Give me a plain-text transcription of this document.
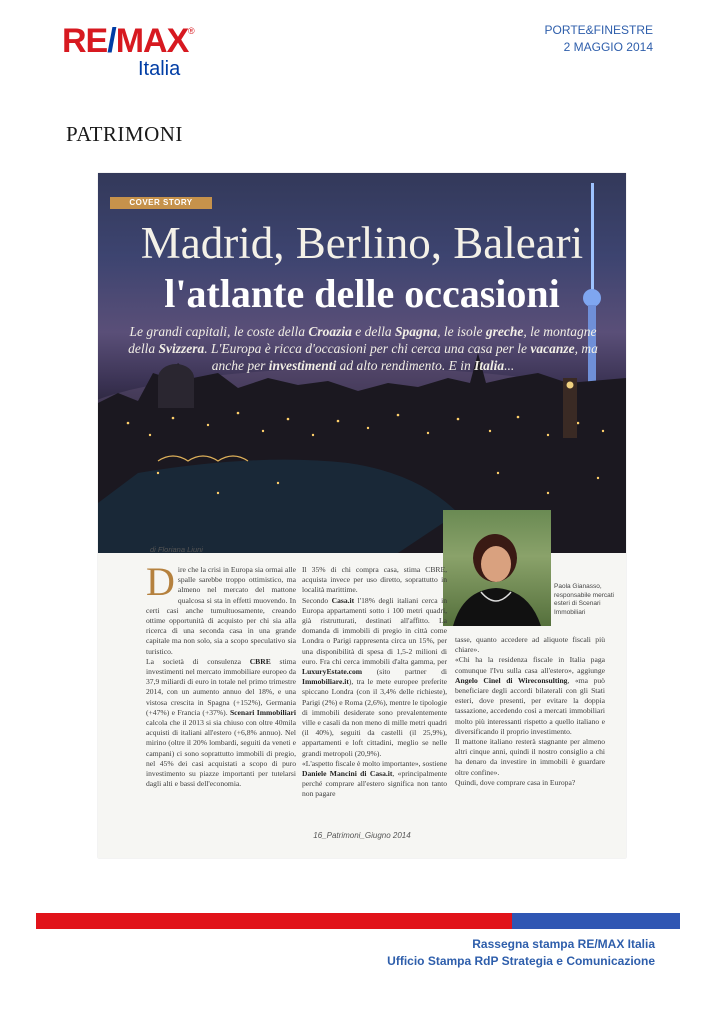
RE/MAX ®
Italia
PORTE&FINESTRE
2 MAGGIO 2014
PATRIMONI
COVER STORY
Madrid, Berlino, Baleari
l'atlante delle occasioni
Le grandi capitali, le coste della Croazia e della Spagna, le isole greche, le montagne della Svizzera. L'Europa è ricca d'occasioni per chi cerca una casa per le vacanze, ma anche per investimenti ad alto rendimento. E in Italia...
di Floriana Liuni
Paola Gianasso, responsabile mercati esteri di Scenari Immobiliari

Dire che la crisi in Europa sia ormai alle spalle sarebbe troppo ottimistico, ma almeno nel mercato del mattone qualcosa si sta in effetti muovendo. In certi casi anche tumultuosamente, creando ottime opportunità di acquisto per chi sia alla ricerca di una seconda casa in una grande capitale ma non solo, sia a scopo speculativo sia turistico.

La società di consulenza CBRE stima investimenti nel mercato immobiliare europeo da 37,9 miliardi di euro in totale nel primo trimestre 2014, con un aumento annuo del 18%, e una vistosa crescita in Spagna (+152%), Germania (+47%) e Francia (+37%). Scenari Immobiliari calcola che il 2013 si sia chiuso con oltre 40mila acquisti di italiani all'estero (+6,8% annuo). Nel mirino (oltre il 20% lombardi, seguiti da veneti e campani) ci sono soprattutto immobili di pregio, nel 45% dei casi acquistati a scopo di puro investimento su piazze importanti per tutelarsi dagli alti e bassi dell'economia.

Il 35% di chi compra casa, stima CBRE, acquista invece per uso diretto, soprattutto in località marittime.

Secondo Casa.it l'18% degli italiani cerca in Europa appartamenti sotto i 100 metri quadri, già ristrutturati, destinati all'affitto. La domanda di immobili di pregio in città come Londra o Parigi rappresenta circa un 15%, per una disponibilità di spesa di 1,5-2 milioni di euro. Fra chi cerca immobili d'alta gamma, per LuxuryEstate.com (sito partner di Immobiliare.it), tra le mete europee preferite spiccano Londra (con il 3,4% delle richieste), Parigi (2%) e Roma (2,6%), mentre le tipologie di immobili desiderate sono prevalentemente ville e casali da non meno di mille metri quadri (il 40%), seguiti da castelli (il 25,9%), appartamenti e loft cittadini, meglio se nelle grandi metropoli (20,9%).

«L'aspetto fiscale è molto importante», sostiene Daniele Mancini di Casa.it, «principalmente perché comprare all'estero significa non tanto non pagare

tasse, quanto accedere ad aliquote fiscali più chiare».

«Chi ha la residenza fiscale in Italia paga comunque l'Ivu sulla casa all'estero», aggiunge Angelo Cinel di Wireconsulting, «ma può beneficiare degli accordi bilaterali con gli Stati esteri, dove presenti, per evitare la doppia tassazione, accedendo così a mercati immobiliari molto più interessanti rispetto a quello italiano e diversificando il proprio investimento.

Il mattone italiano resterà stagnante per almeno altri cinque anni, quindi il nostro consiglio a chi ha denaro da investire in immobili è guardare oltre confine».

Quindi, dove comprare casa in Europa?

16_Patrimoni_Giugno 2014
Rassegna stampa RE/MAX Italia
Ufficio Stampa RdP Strategia e Comunicazione
